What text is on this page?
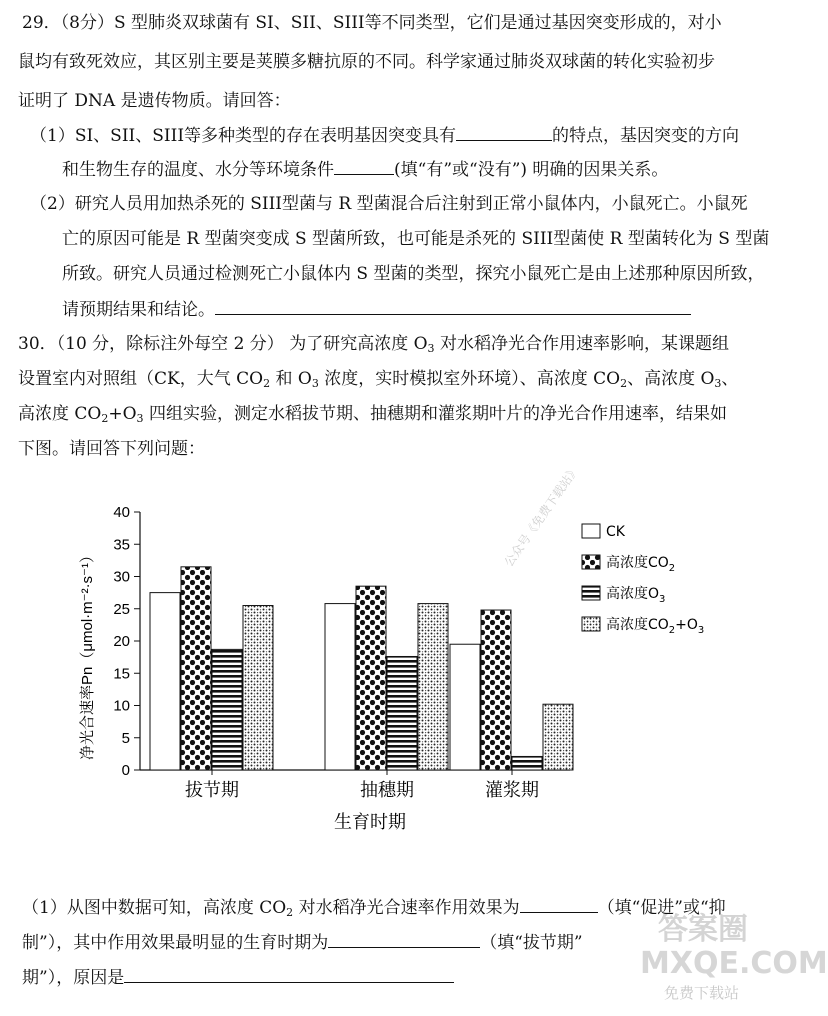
29．（8分）S 型肺炎双球菌有 SI、SII、SIII等不同类型，它们是通过基因突变形成的，对小
鼠均有致死效应，其区别主要是荚膜多糖抗原的不同。科学家通过肺炎双球菌的转化实验初步
证明了 DNA 是遗传物质。请回答：
（1）SI、SII、SIII等多种类型的存在表明基因突变具有	的特点，基因突变的方向
和生物生存的温度、水分等环境条件	(填“有”或“没有”) 明确的因果关系。
（2）研究人员用加热杀死的 SIII型菌与 R 型菌混合后注射到正常小鼠体内，小鼠死亡。小鼠死
亡的原因可能是 R 型菌突变成 S 型菌所致，也可能是杀死的 SIII型菌使 R 型菌转化为 S 型菌
所致。研究人员通过检测死亡小鼠体内 S 型菌的类型，探究小鼠死亡是由上述那种原因所致，
请预期结果和结论。
30．（10 分，除标注外每空 2 分） 为了研究高浓度 $O_3$ 对水稻净光合作用速率影响，某课题组
设置室内对照组（CK，大气 $CO_2$ 和 $O_3$ 浓度，实时模拟室外环境）、高浓度 $CO_2$、高浓度 $O_3$、
高浓度 $CO_2+O_3$ 四组实验，测定水稻拔节期、抽穗期和灌浆期叶片的净光合作用速率，结果如
下图。请回答下列问题：
0
5
10
15
20
25
30
35
40
净光合速率Pn（μmol·m⁻²·s⁻¹）
拔节期	抽穗期	灌浆期
生育时期
CK
高浓度$CO_2$
高浓度$O_3$
高浓度$CO_2+O_3$
公众号《免费下载站》
答案圈
MXQE.COM
免费下载站
（1）从图中数据可知，高浓度 $CO_2$ 对水稻净光合速率作用效果为	（填“促进”或“抑
制”），其中作用效果最明显的生育时期为	（填“拔节期”
期”），原因是
